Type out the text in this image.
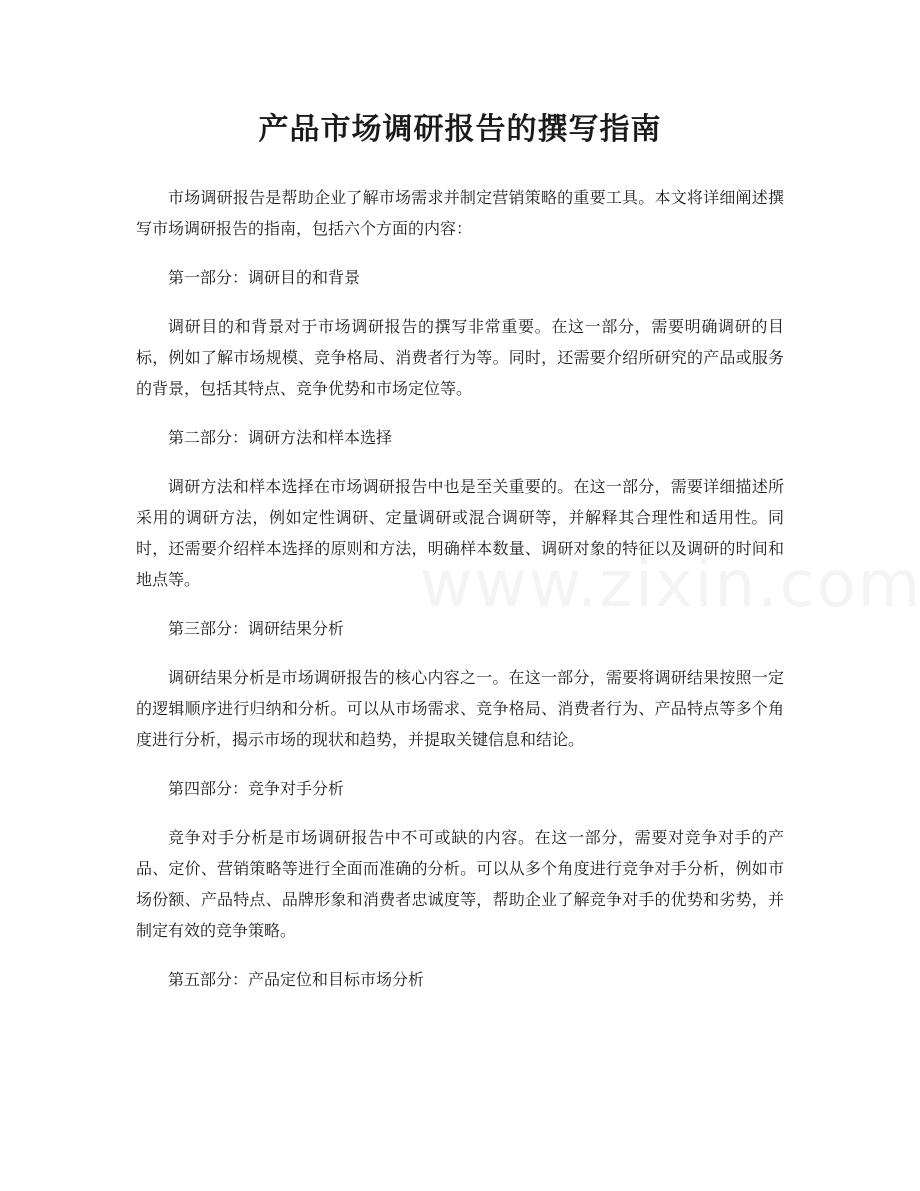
产品市场调研报告的撰写指南

市场调研报告是帮助企业了解市场需求并制定营销策略的重要工具。本文将详细阐述撰写市场调研报告的指南，包括六个方面的内容：

第一部分：调研目的和背景

调研目的和背景对于市场调研报告的撰写非常重要。在这一部分，需要明确调研的目标，例如了解市场规模、竞争格局、消费者行为等。同时，还需要介绍所研究的产品或服务的背景，包括其特点、竞争优势和市场定位等。

第二部分：调研方法和样本选择

调研方法和样本选择在市场调研报告中也是至关重要的。在这一部分，需要详细描述所采用的调研方法，例如定性调研、定量调研或混合调研等，并解释其合理性和适用性。同时，还需要介绍样本选择的原则和方法，明确样本数量、调研对象的特征以及调研的时间和地点等。

第三部分：调研结果分析

调研结果分析是市场调研报告的核心内容之一。在这一部分，需要将调研结果按照一定的逻辑顺序进行归纳和分析。可以从市场需求、竞争格局、消费者行为、产品特点等多个角度进行分析，揭示市场的现状和趋势，并提取关键信息和结论。

第四部分：竞争对手分析

竞争对手分析是市场调研报告中不可或缺的内容。在这一部分，需要对竞争对手的产品、定价、营销策略等进行全面而准确的分析。可以从多个角度进行竞争对手分析，例如市场份额、产品特点、品牌形象和消费者忠诚度等，帮助企业了解竞争对手的优势和劣势，并制定有效的竞争策略。

第五部分：产品定位和目标市场分析
